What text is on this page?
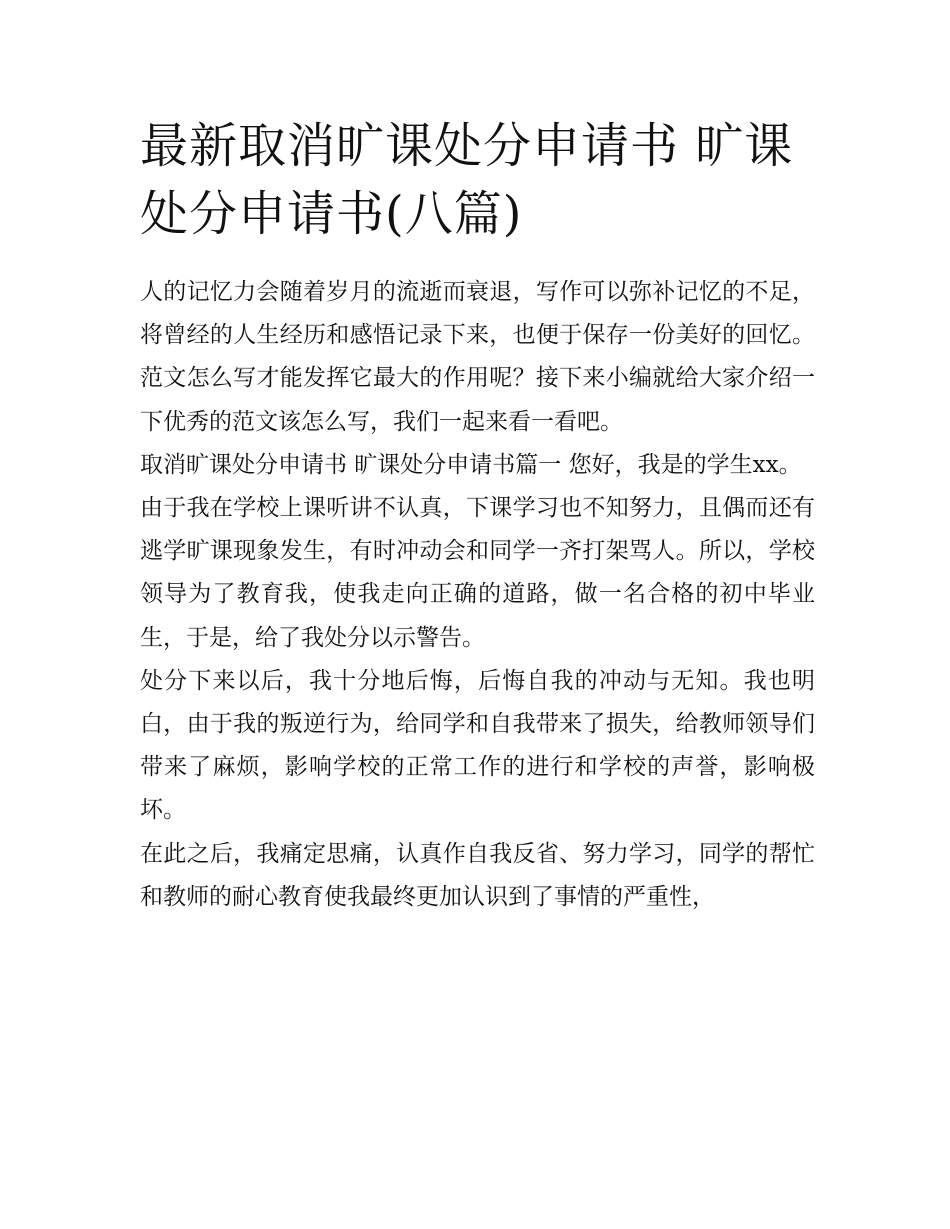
最新取消旷课处分申请书 旷课处分申请书(八篇)

人的记忆力会随着岁月的流逝而衰退，写作可以弥补记忆的不足，将曾经的人生经历和感悟记录下来，也便于保存一份美好的回忆。范文怎么写才能发挥它最大的作用呢？接下来小编就给大家介绍一下优秀的范文该怎么写，我们一起来看一看吧。

取消旷课处分申请书 旷课处分申请书篇一 您好，我是的学生xx。

由于我在学校上课听讲不认真，下课学习也不知努力，且偶而还有逃学旷课现象发生，有时冲动会和同学一齐打架骂人。所以，学校领导为了教育我，使我走向正确的道路，做一名合格的初中毕业生，于是，给了我处分以示警告。

处分下来以后，我十分地后悔，后悔自我的冲动与无知。我也明白，由于我的叛逆行为，给同学和自我带来了损失，给教师领导们带来了麻烦，影响学校的正常工作的进行和学校的声誉，影响极坏。

在此之后，我痛定思痛，认真作自我反省、努力学习，同学的帮忙和教师的耐心教育使我最终更加认识到了事情的严重性，
